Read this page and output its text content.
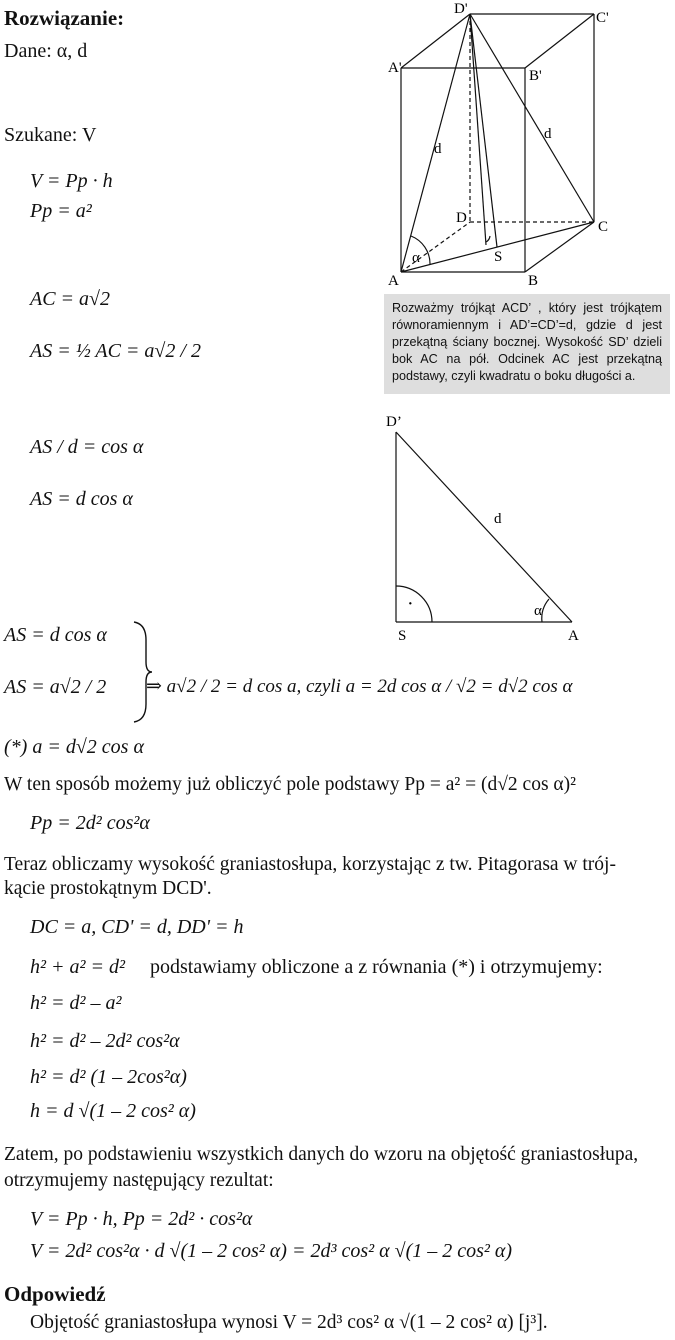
Rozwiązanie:
Dane: α, d
Szukane: V
V = Pp · h
Pp = a²
AC = a√2
AS = ½ AC = a√2 / 2
AS / d = cos α
AS = d cos α
D'
C'
A'	B'
D
C
A	B
S
d
d
α
Rozważmy trójkąt ACD’ , który jest trójkątem równoramiennym i AD’=CD’=d, gdzie d jest przekątną ściany bocznej. Wysokość SD’ dzieli bok AC na pół. Odcinek AC jest przekątną podstawy, czyli kwadratu o boku długości a.
D’
S	A
d
α
·
AS = d cos α
AS = a√2 / 2 ⇒ a√2 / 2 = d cos a, czyli a = 2d cos α / √2 = d√2 cos α
(*) a = d√2 cos α
W ten sposób możemy już obliczyć pole podstawy Pp = a² = (d√2 cos α)²
Pp = 2d² cos²α
Teraz obliczamy wysokość graniastosłupa, korzystając z tw. Pitagorasa w trój-
kącie prostokątnym DCD'.
DC = a, CD' = d, DD' = h
h² + a² = d² podstawiamy obliczone a z równania (*) i otrzymujemy:
h² = d² – a²
h² = d² – 2d² cos²α
h² = d² (1 – 2cos²α)
h = d √(1 – 2 cos² α)
Zatem, po podstawieniu wszystkich danych do wzoru na objętość graniastosłupa,
otrzymujemy następujący rezultat:
V = Pp · h, Pp = 2d² · cos²α
V = 2d² cos²α · d √(1 – 2 cos² α) = 2d³ cos² α √(1 – 2 cos² α)
Odpowiedź
Objętość graniastosłupa wynosi V = 2d³ cos² α √(1 – 2 cos² α) [j³].
